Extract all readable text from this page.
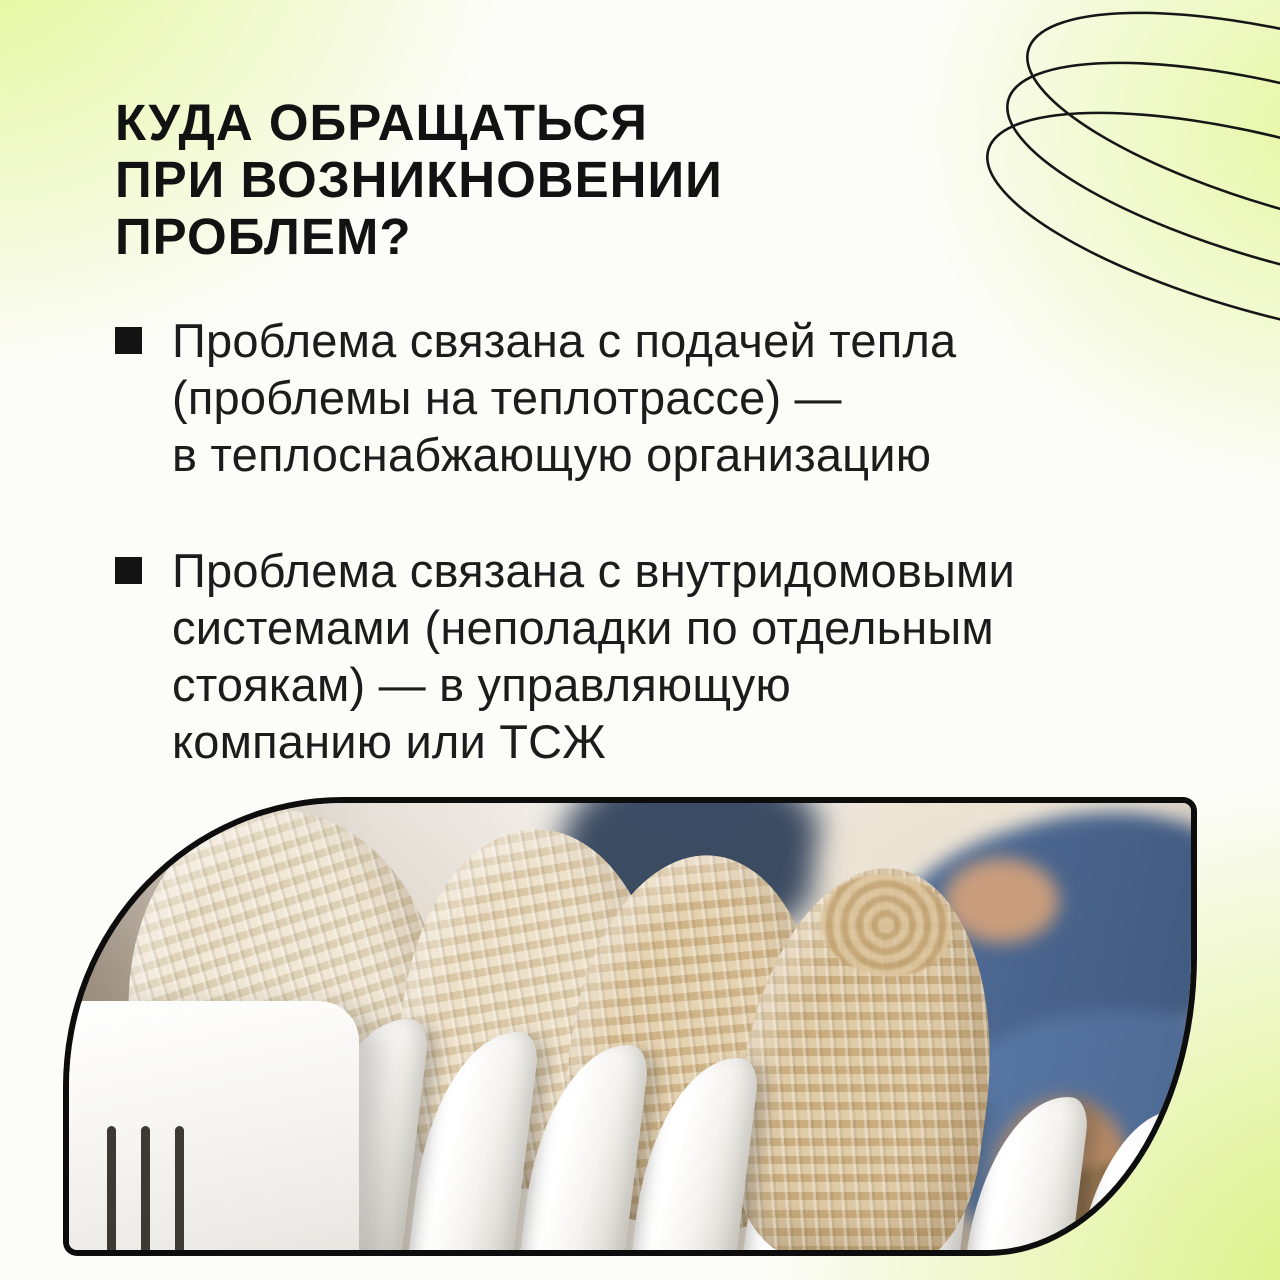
КУДА ОБРАЩАТЬСЯ
ПРИ ВОЗНИКНОВЕНИИ
ПРОБЛЕМ?

Проблема связана с подачей тепла
(проблемы на теплотрассе) —
в теплоснабжающую организацию

Проблема связана с внутридомовыми
системами (неполадки по отдельным
стоякам) — в управляющую
компанию или ТСЖ
